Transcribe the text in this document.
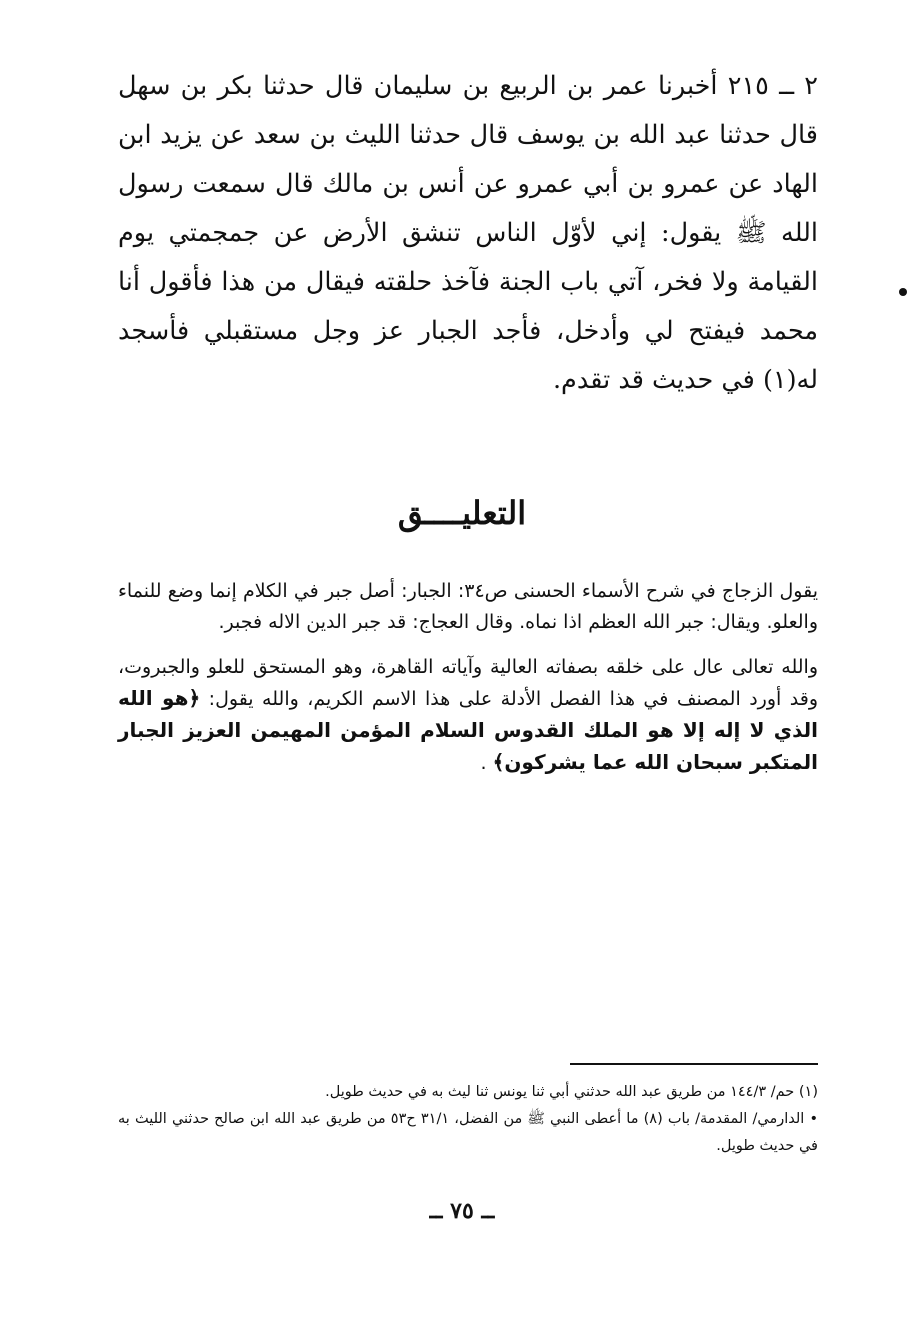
٢ ــ ٢١٥ أخبرنا عمر بن الربيع بن سليمان قال حدثنا بكر بن سهل قال حدثنا عبد الله بن يوسف قال حدثنا الليث بن سعد عن يزيد ابن الهاد عن عمرو بن أبي عمرو عن أنس بن مالك قال سمعت رسول الله ﷺ يقول: إني لأوّل الناس تنشق الأرض عن جمجمتي يوم القيامة ولا فخر، آتي باب الجنة فآخذ حلقته فيقال من هذا فأقول أنا محمد فيفتح لي وأدخل، فأجد الجبار عز وجل مستقبلي فأسجد له(١) في حديث قد تقدم.

التعليــــق

يقول الزجاج في شرح الأسماء الحسنى ص٣٤: الجبار: أصل جبر في الكلام إنما وضع للنماء والعلو. ويقال: جبر الله العظم اذا نماه. وقال العجاج: قد جبر الدين الاله فجبر.

والله تعالى عال على خلقه بصفاته العالية وآياته القاهرة، وهو المستحق للعلو والجبروت، وقد أورد المصنف في هذا الفصل الأدلة على هذا الاسم الكريم، والله يقول: ﴿هو الله الذي لا إله إلا هو الملك القدوس السلام المؤمن المهيمن العزيز الجبار المتكبر سبحان الله عما يشركون﴾ .

(١) حم/ ١٤٤/٣ من طريق عبد الله حدثني أبي ثنا يونس ثنا ليث به في حديث طويل.

• الدارمي/ المقدمة/ باب (٨) ما أعطى النبي ﷺ من الفضل، ٣١/١ ح٥٣ من طريق عبد الله ابن صالح حدثني الليث به في حديث طويل.

ــ ٧٥ ــ
